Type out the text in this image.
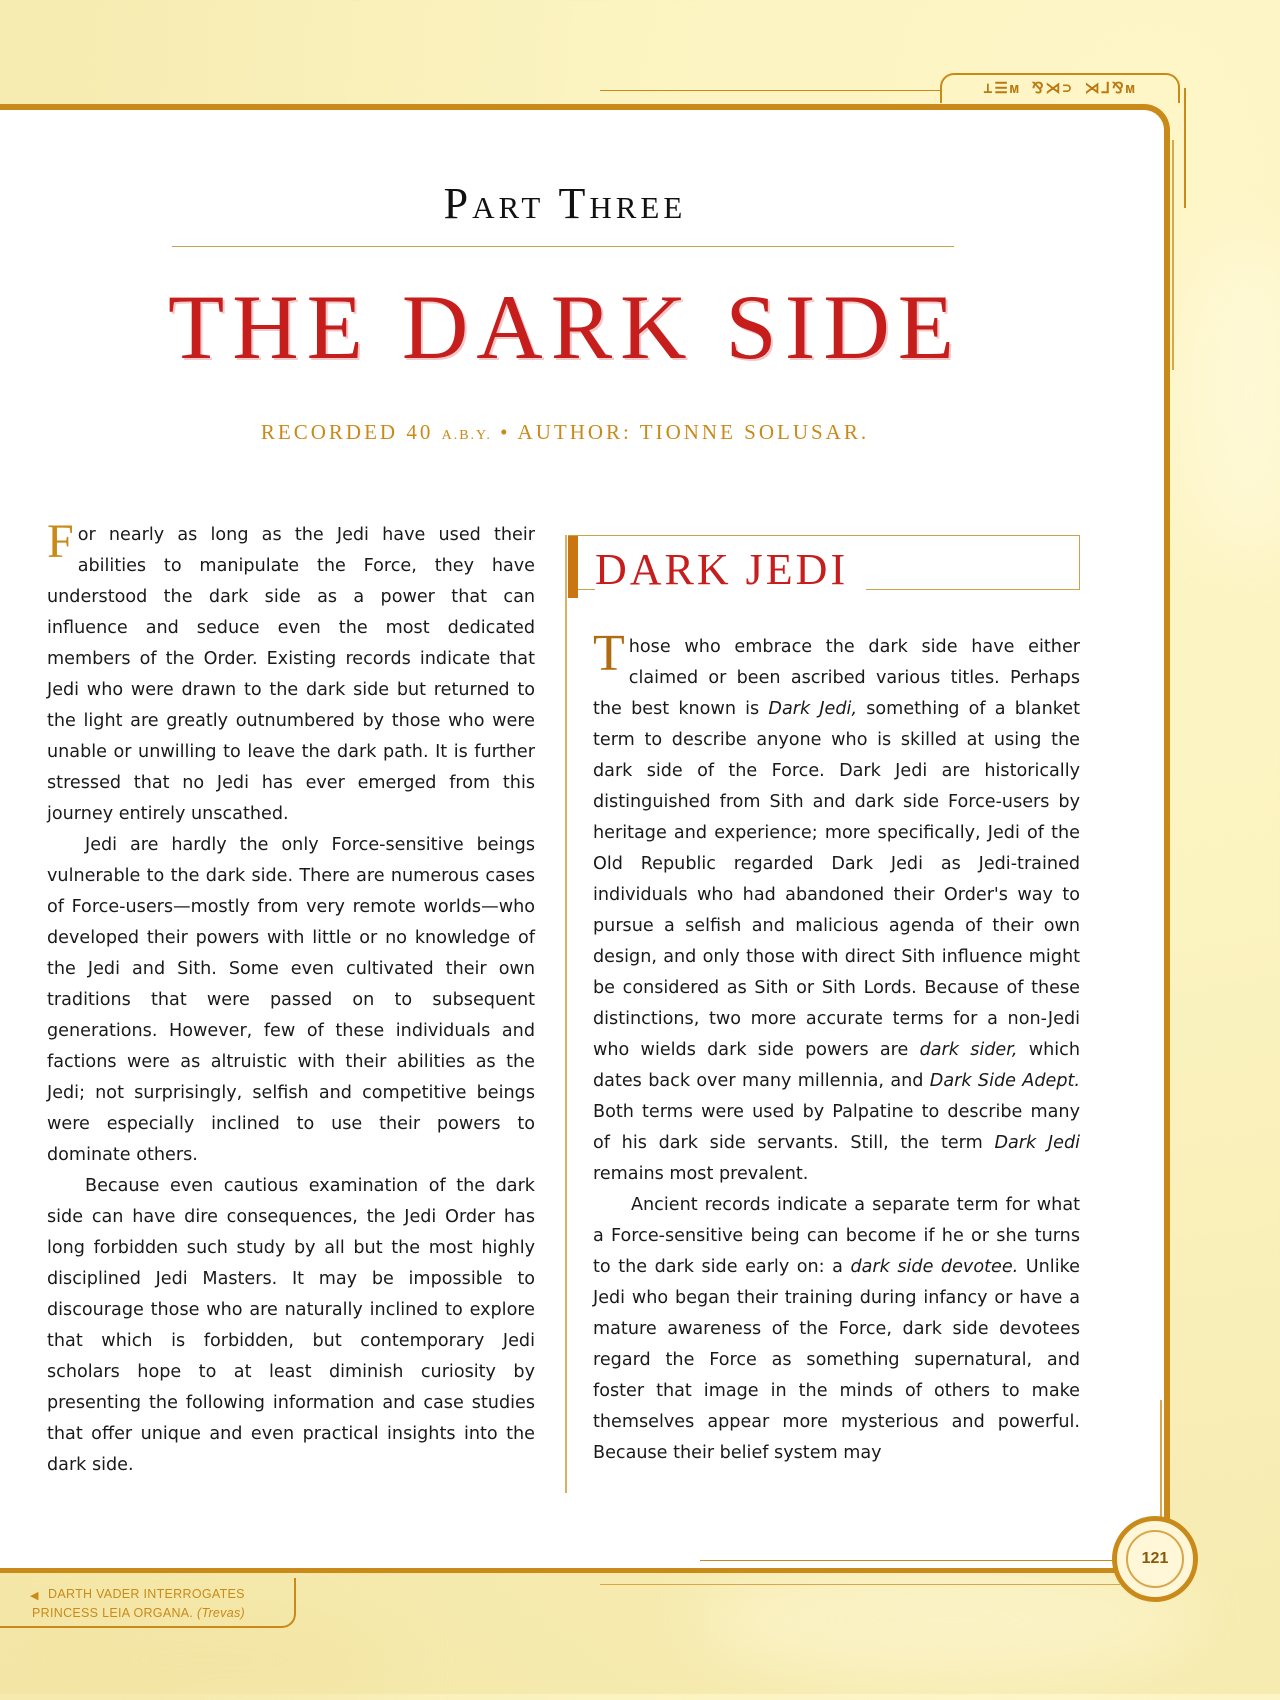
⊥☰ᴍ ⅋⋊⊃ ⋊⅃⅋ᴍ
Part Three
THE DARK SIDE
RECORDED 40 A.B.Y. • AUTHOR: TIONNE SOLUSAR.

For nearly as long as the Jedi have used their abilities to manipulate the Force, they have understood the dark side as a power that can influence and seduce even the most dedicated members of the Order. Existing records indicate that Jedi who were drawn to the dark side but returned to the light are greatly outnumbered by those who were unable or unwilling to leave the dark path. It is further stressed that no Jedi has ever emerged from this journey entirely unscathed.

Jedi are hardly the only Force-sensitive beings vulnerable to the dark side. There are numerous cases of Force-users—mostly from very remote worlds—who developed their powers with little or no knowledge of the Jedi and Sith. Some even cultivated their own traditions that were passed on to subsequent generations. However, few of these individuals and factions were as altruistic with their abilities as the Jedi; not surprisingly, selfish and competitive beings were especially inclined to use their powers to dominate others.

Because even cautious examination of the dark side can have dire consequences, the Jedi Order has long forbidden such study by all but the most highly disciplined Jedi Masters. It may be impossible to discourage those who are naturally inclined to explore that which is forbidden, but contemporary Jedi scholars hope to at least diminish curiosity by presenting the following information and case studies that offer unique and even practical insights into the dark side.

DARK JEDI

Those who embrace the dark side have either claimed or been ascribed various titles. Perhaps the best known is Dark Jedi, something of a blanket term to describe anyone who is skilled at using the dark side of the Force. Dark Jedi are historically distinguished from Sith and dark side Force-users by heritage and experience; more specifically, Jedi of the Old Republic regarded Dark Jedi as Jedi-trained individuals who had abandoned their Order's way to pursue a selfish and malicious agenda of their own design, and only those with direct Sith influence might be considered as Sith or Sith Lords. Because of these distinctions, two more accurate terms for a non-Jedi who wields dark side powers are dark sider, which dates back over many millennia, and Dark Side Adept. Both terms were used by Palpatine to describe many of his dark side servants. Still, the term Dark Jedi remains most prevalent.

Ancient records indicate a separate term for what a Force-sensitive being can become if he or she turns to the dark side early on: a dark side devotee. Unlike Jedi who began their training during infancy or have a mature awareness of the Force, dark side devotees regard the Force as something supernatural, and foster that image in the minds of others to make themselves appear more mysterious and powerful. Because their belief system may

◀ DARTH VADER INTERROGATES PRINCESS LEIA ORGANA. (Trevas)
121
